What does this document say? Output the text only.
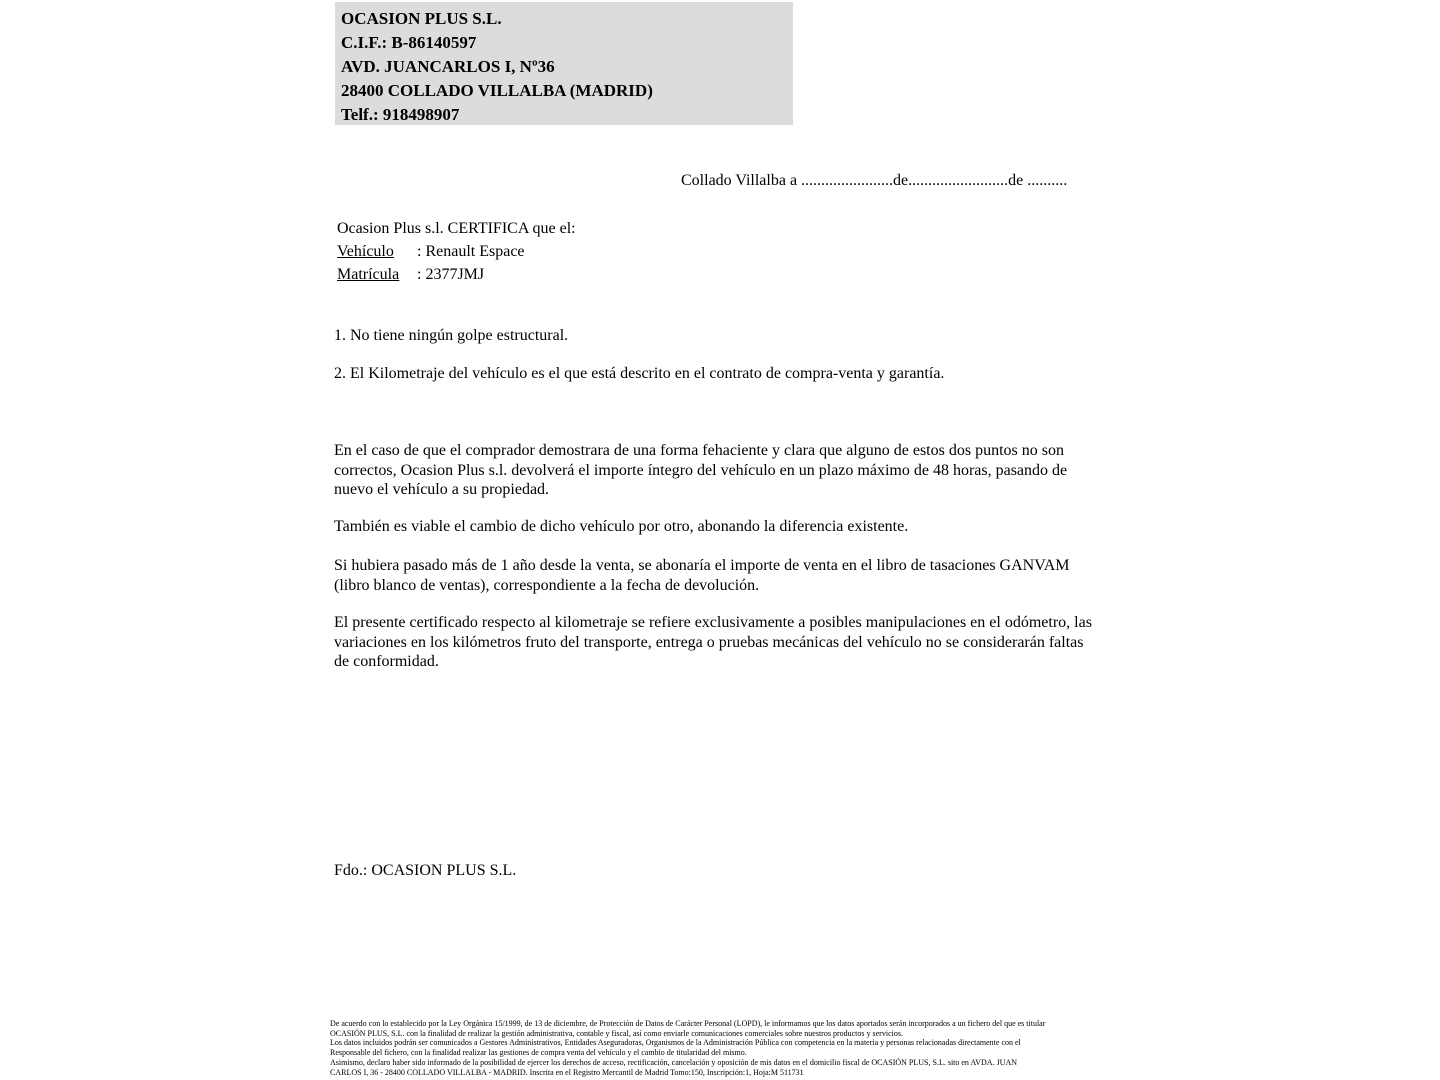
OCASION PLUS S.L.
C.I.F.: B-86140597
AVD. JUANCARLOS I, Nº36
28400 COLLADO VILLALBA (MADRID)
Telf.: 918498907
Collado Villalba a .......................de.........................de ..........
Ocasion Plus s.l. CERTIFICA que el:
Vehículo : Renault Espace
Matrícula : 2377JMJ
1. No tiene ningún golpe estructural.
2. El Kilometraje del vehículo es el que está descrito en el contrato de compra-venta y garantía.
En el caso de que el comprador demostrara de una forma fehaciente y clara que alguno de estos dos puntos no son correctos, Ocasion Plus s.l. devolverá el importe íntegro del vehículo en un plazo máximo de 48 horas, pasando de nuevo el vehículo a su propiedad.
También es viable el cambio de dicho vehículo por otro, abonando la diferencia existente.
Si hubiera pasado más de 1 año desde la venta, se abonaría el importe de venta en el libro de tasaciones GANVAM (libro blanco de ventas), correspondiente a la fecha de devolución.
El presente certificado respecto al kilometraje se refiere exclusivamente a posibles manipulaciones en el odómetro, las variaciones en los kilómetros fruto del transporte, entrega o pruebas mecánicas del vehículo no se considerarán faltas de conformidad.
Fdo.: OCASION PLUS S.L.
De acuerdo con lo establecido por la Ley Orgánica 15/1999, de 13 de diciembre, de Protección de Datos de Carácter Personal (LOPD), le informamos que los datos aportados serán incorporados a un fichero del que es titular
OCASIÓN PLUS, S.L. con la finalidad de realizar la gestión administrativa, contable y fiscal, así como enviarle comunicaciones comerciales sobre nuestros productos y servicios.
Los datos incluidos podrán ser comunicados a Gestores Administrativos, Entidades Aseguradoras, Organismos de la Administración Pública con competencia en la materia y personas relacionadas directamente con el
Responsable del fichero, con la finalidad realizar las gestiones de compra venta del vehículo y el cambio de titularidad del mismo.
Asimismo, declaro haber sido informado de la posibilidad de ejercer los derechos de acceso, rectificación, cancelación y oposición de mis datos en el domicilio fiscal de OCASIÓN PLUS, S.L. sito en AVDA. JUAN
CARLOS I, 36 - 28400 COLLADO VILLALBA - MADRID. Inscrita en el Registro Mercantil de Madrid Tomo:150, Inscripción:1, Hoja:M 511731
